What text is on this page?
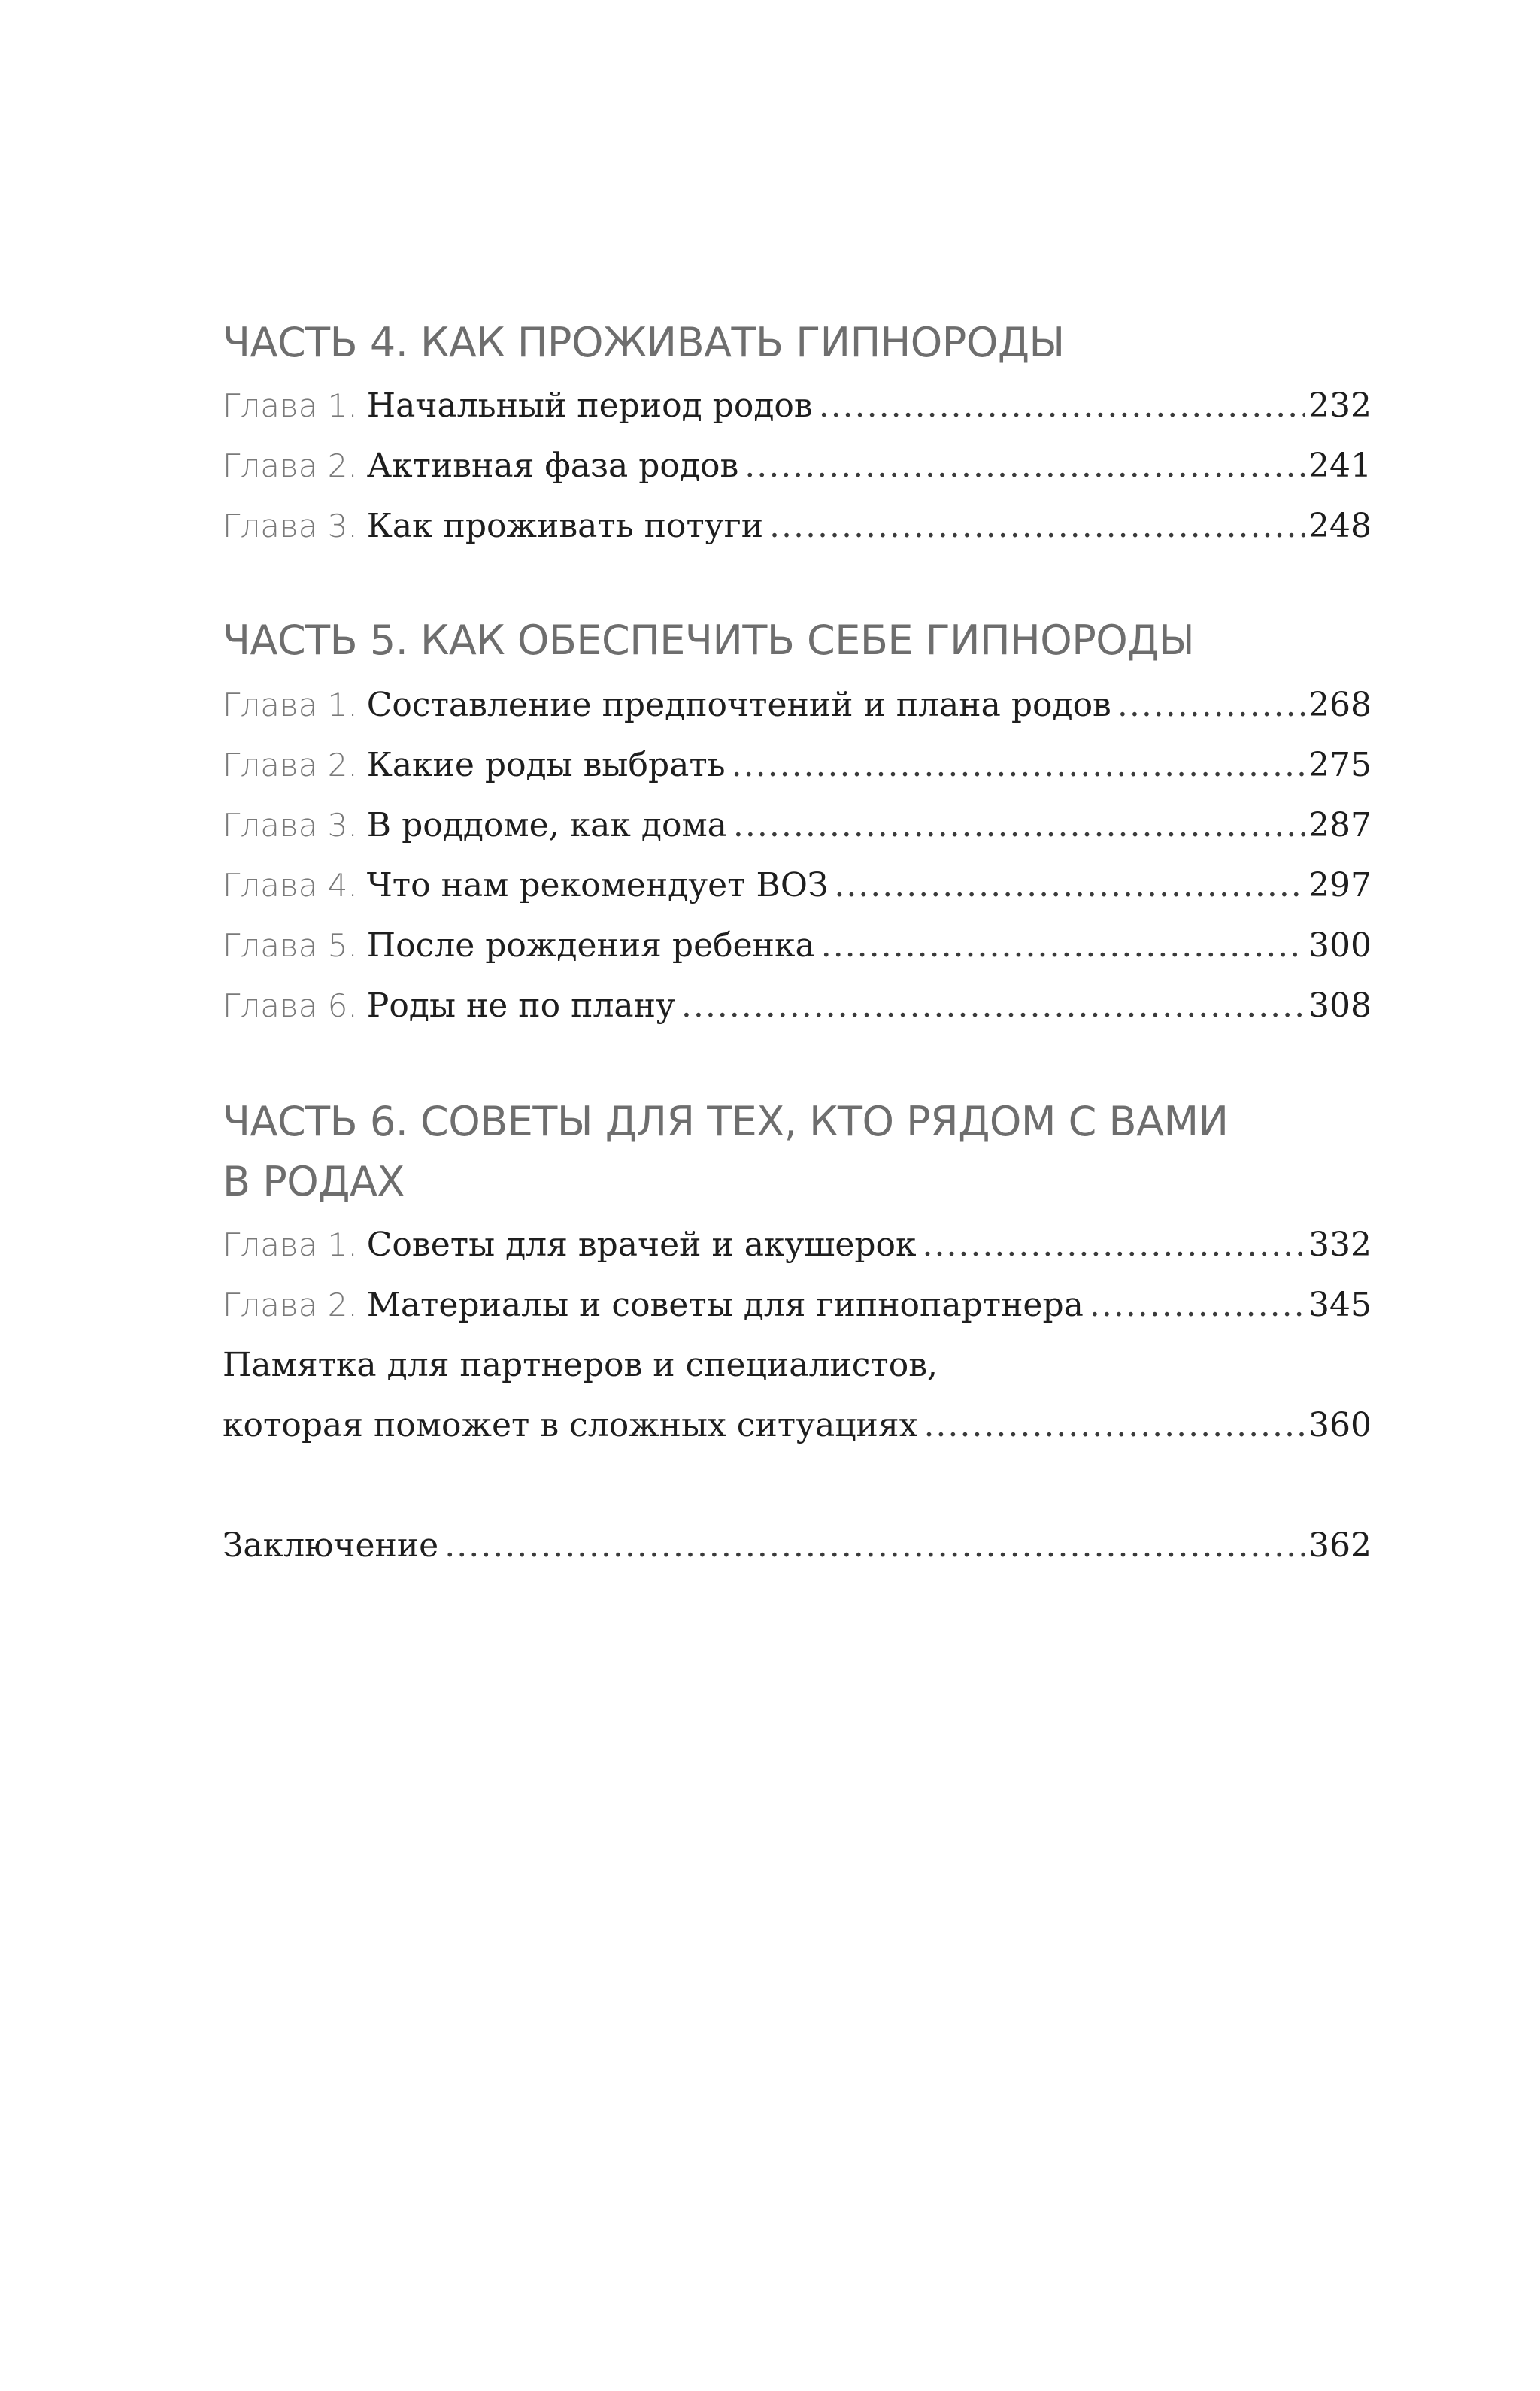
ЧАСТЬ 4. КАК ПРОЖИВАТЬ ГИПНОРОДЫ
Глава 1. Начальный период родов .....	232
Глава 2. Активная фаза родов .....	241
Глава 3. Как проживать потуги .....	248
ЧАСТЬ 5. КАК ОБЕСПЕЧИТЬ СЕБЕ ГИПНОРОДЫ
Глава 1. Составление предпочтений и плана родов .....	268
Глава 2. Какие роды выбрать .....	275
Глава 3. В роддоме, как дома .....	287
Глава 4. Что нам рекомендует ВОЗ .....	297
Глава 5. После рождения ребенка .....	300
Глава 6. Роды не по плану .....	308
ЧАСТЬ 6. СОВЕТЫ ДЛЯ ТЕХ, КТО РЯДОМ С ВАМИ
В РОДАХ
Глава 1. Советы для врачей и акушерок .....	332
Глава 2. Материалы и советы для гипнопартнера .....	345
Памятка для партнеров и специалистов,
которая поможет в сложных ситуациях .....	360
Заключение .....	362
